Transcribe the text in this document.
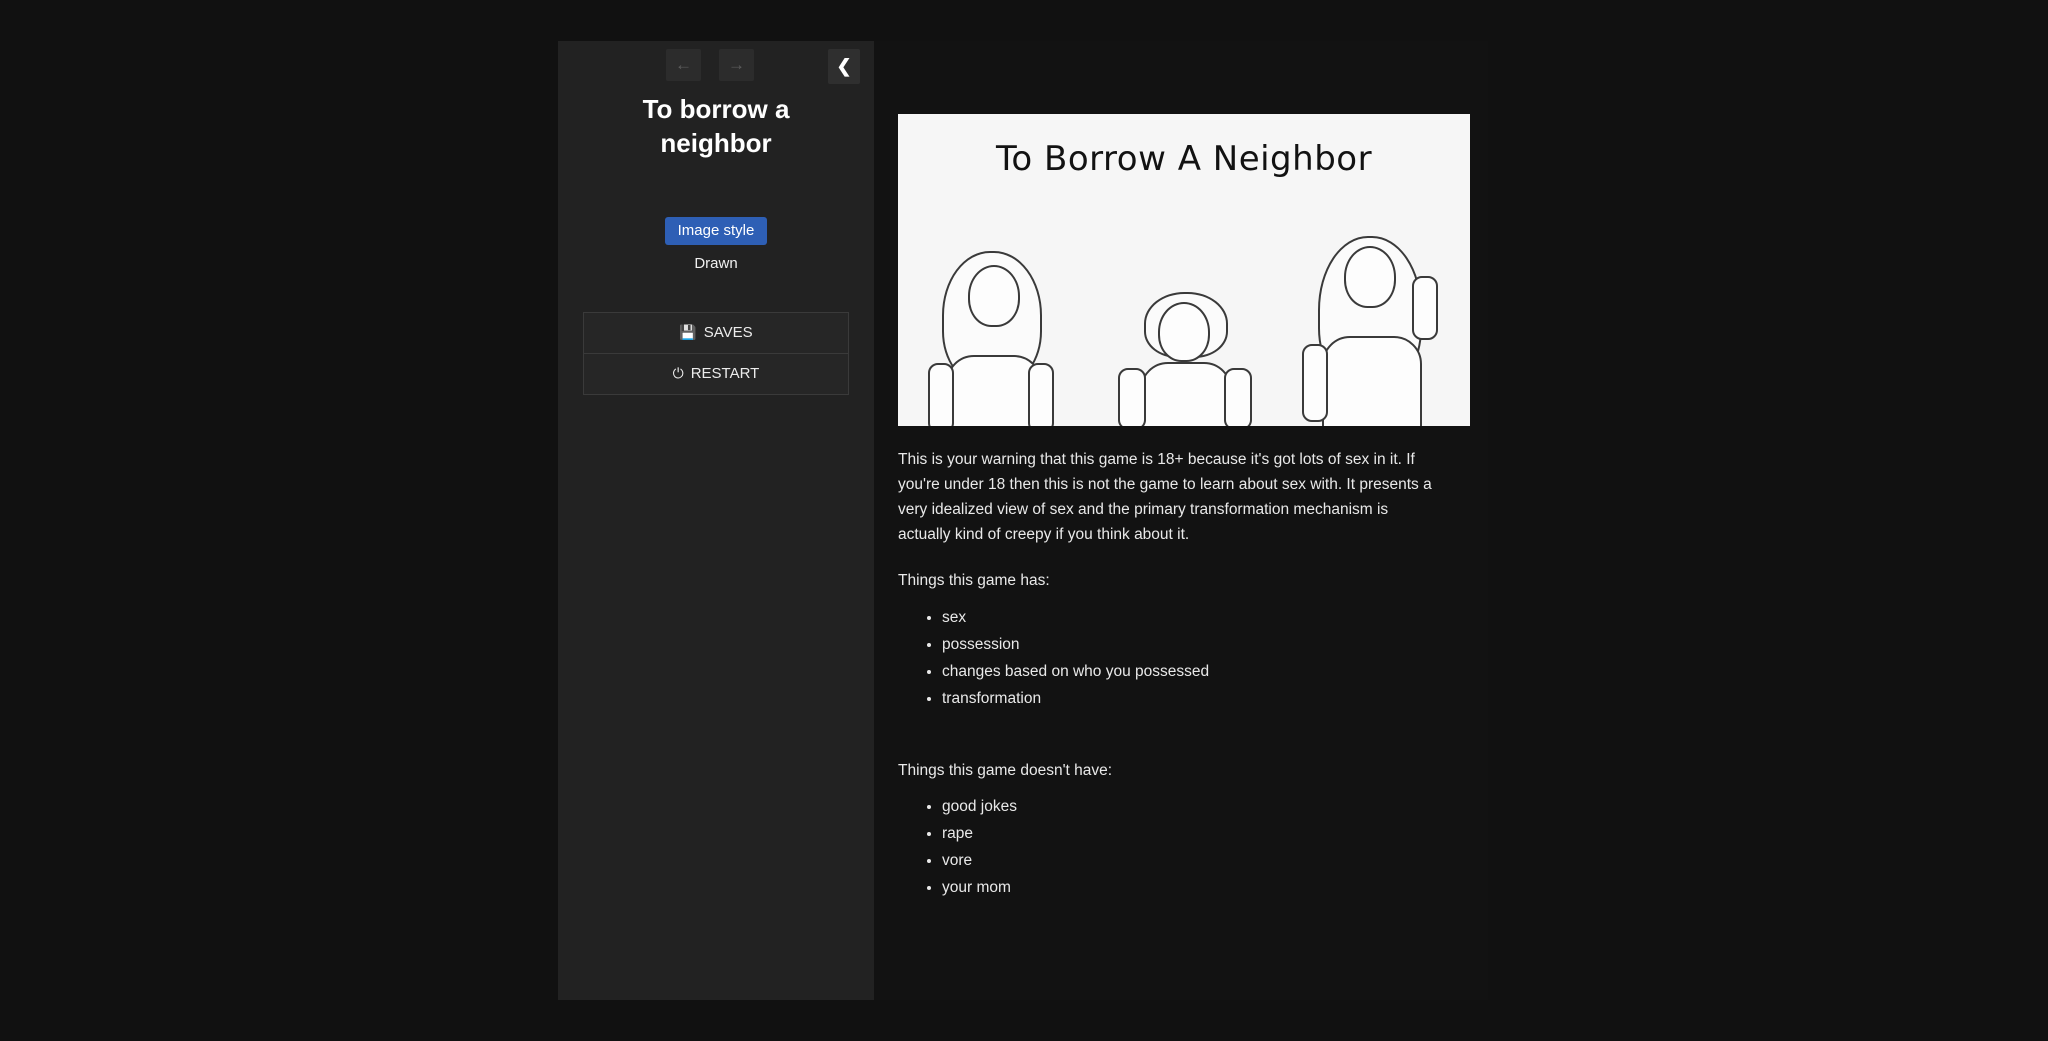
←	→	❮
To borrow a neighbor
Image style
Drawn
💾 SAVES
⏻ RESTART
To Borrow A Neighbor

This is your warning that this game is 18+ because it's got lots of sex in it. If you're under 18 then this is not the game to learn about sex with. It presents a very idealized view of sex and the primary transformation mechanism is actually kind of creepy if you think about it.

Things this game has:

• sex
• possession
• changes based on who you possessed
• transformation

Things this game doesn't have:

• good jokes
• rape
• vore
• your mom
